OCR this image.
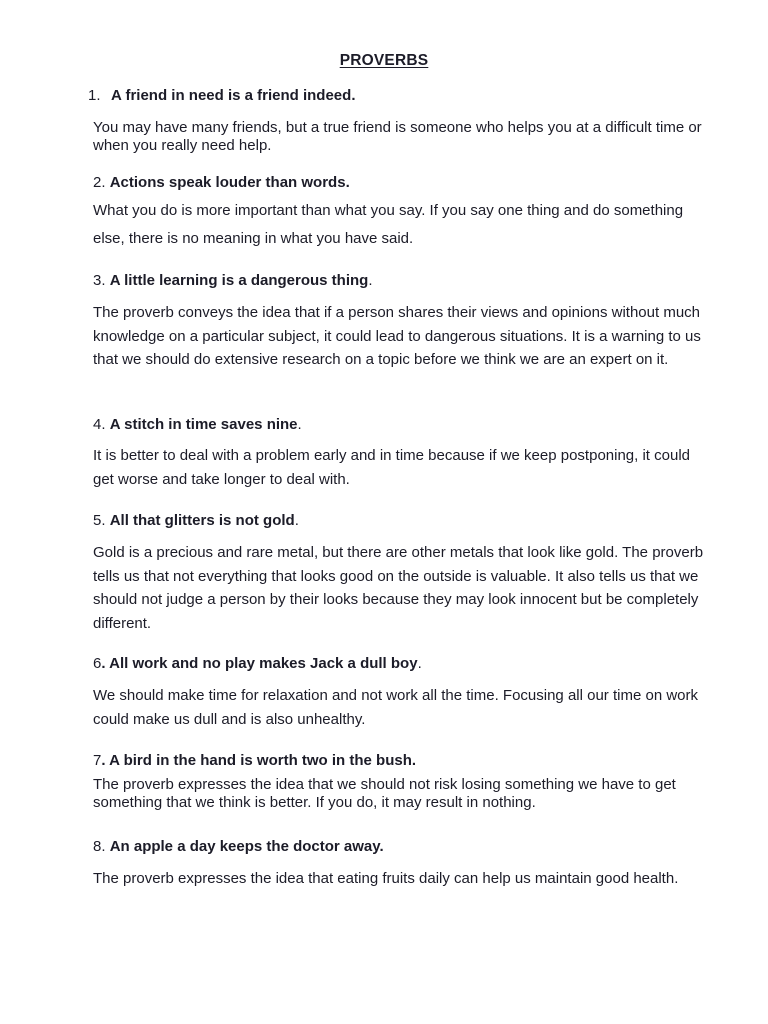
PROVERBS
1. A friend in need is a friend indeed.
You may have many friends, but a true friend is someone who helps you at a difficult time or when you really need help.
2. Actions speak louder than words.
What you do is more important than what you say. If you say one thing and do something else, there is no meaning in what you have said.
3. A little learning is a dangerous thing.
The proverb conveys the idea that if a person shares their views and opinions without much knowledge on a particular subject, it could lead to dangerous situations. It is a warning to us that we should do extensive research on a topic before we think we are an expert on it.
4. A stitch in time saves nine.
It is better to deal with a problem early and in time because if we keep postponing, it could get worse and take longer to deal with.
5. All that glitters is not gold.
Gold is a precious and rare metal, but there are other metals that look like gold. The proverb tells us that not everything that looks good on the outside is valuable. It also tells us that we should not judge a person by their looks because they may look innocent but be completely different.
6. All work and no play makes Jack a dull boy.
We should make time for relaxation and not work all the time. Focusing all our time on work could make us dull and is also unhealthy.
7. A bird in the hand is worth two in the bush.
The proverb expresses the idea that we should not risk losing something we have to get something that we think is better. If you do, it may result in nothing.
8. An apple a day keeps the doctor away.
The proverb expresses the idea that eating fruits daily can help us maintain good health.
